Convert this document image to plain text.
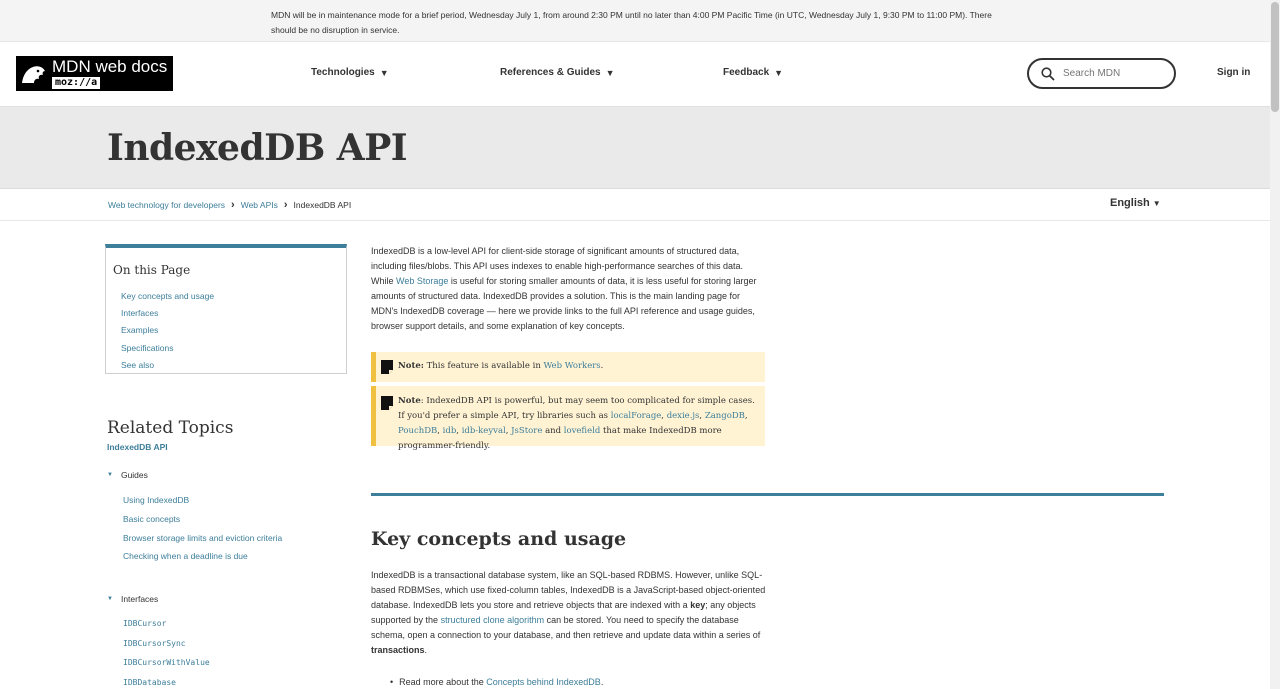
MDN will be in maintenance mode for a brief period, Wednesday July 1, from around 2:30 PM until no later than 4:00 PM Pacific Time (in UTC, Wednesday July 1, 9:30 PM to 11:00 PM). There should be no disruption in service.

MDN web docs
moz://a
Technologies ▼	References & Guides ▼	Feedback ▼
Search MDN	Sign in
IndexedDB API
Web technology for developers › Web APIs › IndexedDB API	English ▼
On this Page
Key concepts and usage
Interfaces
Examples
Specifications
See also
Related Topics
IndexedDB API
▼ Guides
Using IndexedDB
Basic concepts
Browser storage limits and eviction criteria
Checking when a deadline is due
▼ Interfaces
IDBCursor
IDBCursorSync
IDBCursorWithValue
IDBDatabase

IndexedDB is a low-level API for client-side storage of significant amounts of structured data, including files/blobs. This API uses indexes to enable high-performance searches of this data. While Web Storage is useful for storing smaller amounts of data, it is less useful for storing larger amounts of structured data. IndexedDB provides a solution. This is the main landing page for MDN's IndexedDB coverage — here we provide links to the full API reference and usage guides, browser support details, and some explanation of key concepts.

Note: This feature is available in Web Workers.

Note: IndexedDB API is powerful, but may seem too complicated for simple cases. If you'd prefer a simple API, try libraries such as localForage, dexie.js, ZangoDB, PouchDB, idb, idb-keyval, JsStore and lovefield that make IndexedDB more programmer-friendly.

Key concepts and usage

IndexedDB is a transactional database system, like an SQL-based RDBMS. However, unlike SQL-based RDBMSes, which use fixed-column tables, IndexedDB is a JavaScript-based object-oriented database. IndexedDB lets you store and retrieve objects that are indexed with a key; any objects supported by the structured clone algorithm can be stored. You need to specify the database schema, open a connection to your database, and then retrieve and update data within a series of transactions.

• Read more about the Concepts behind IndexedDB.
